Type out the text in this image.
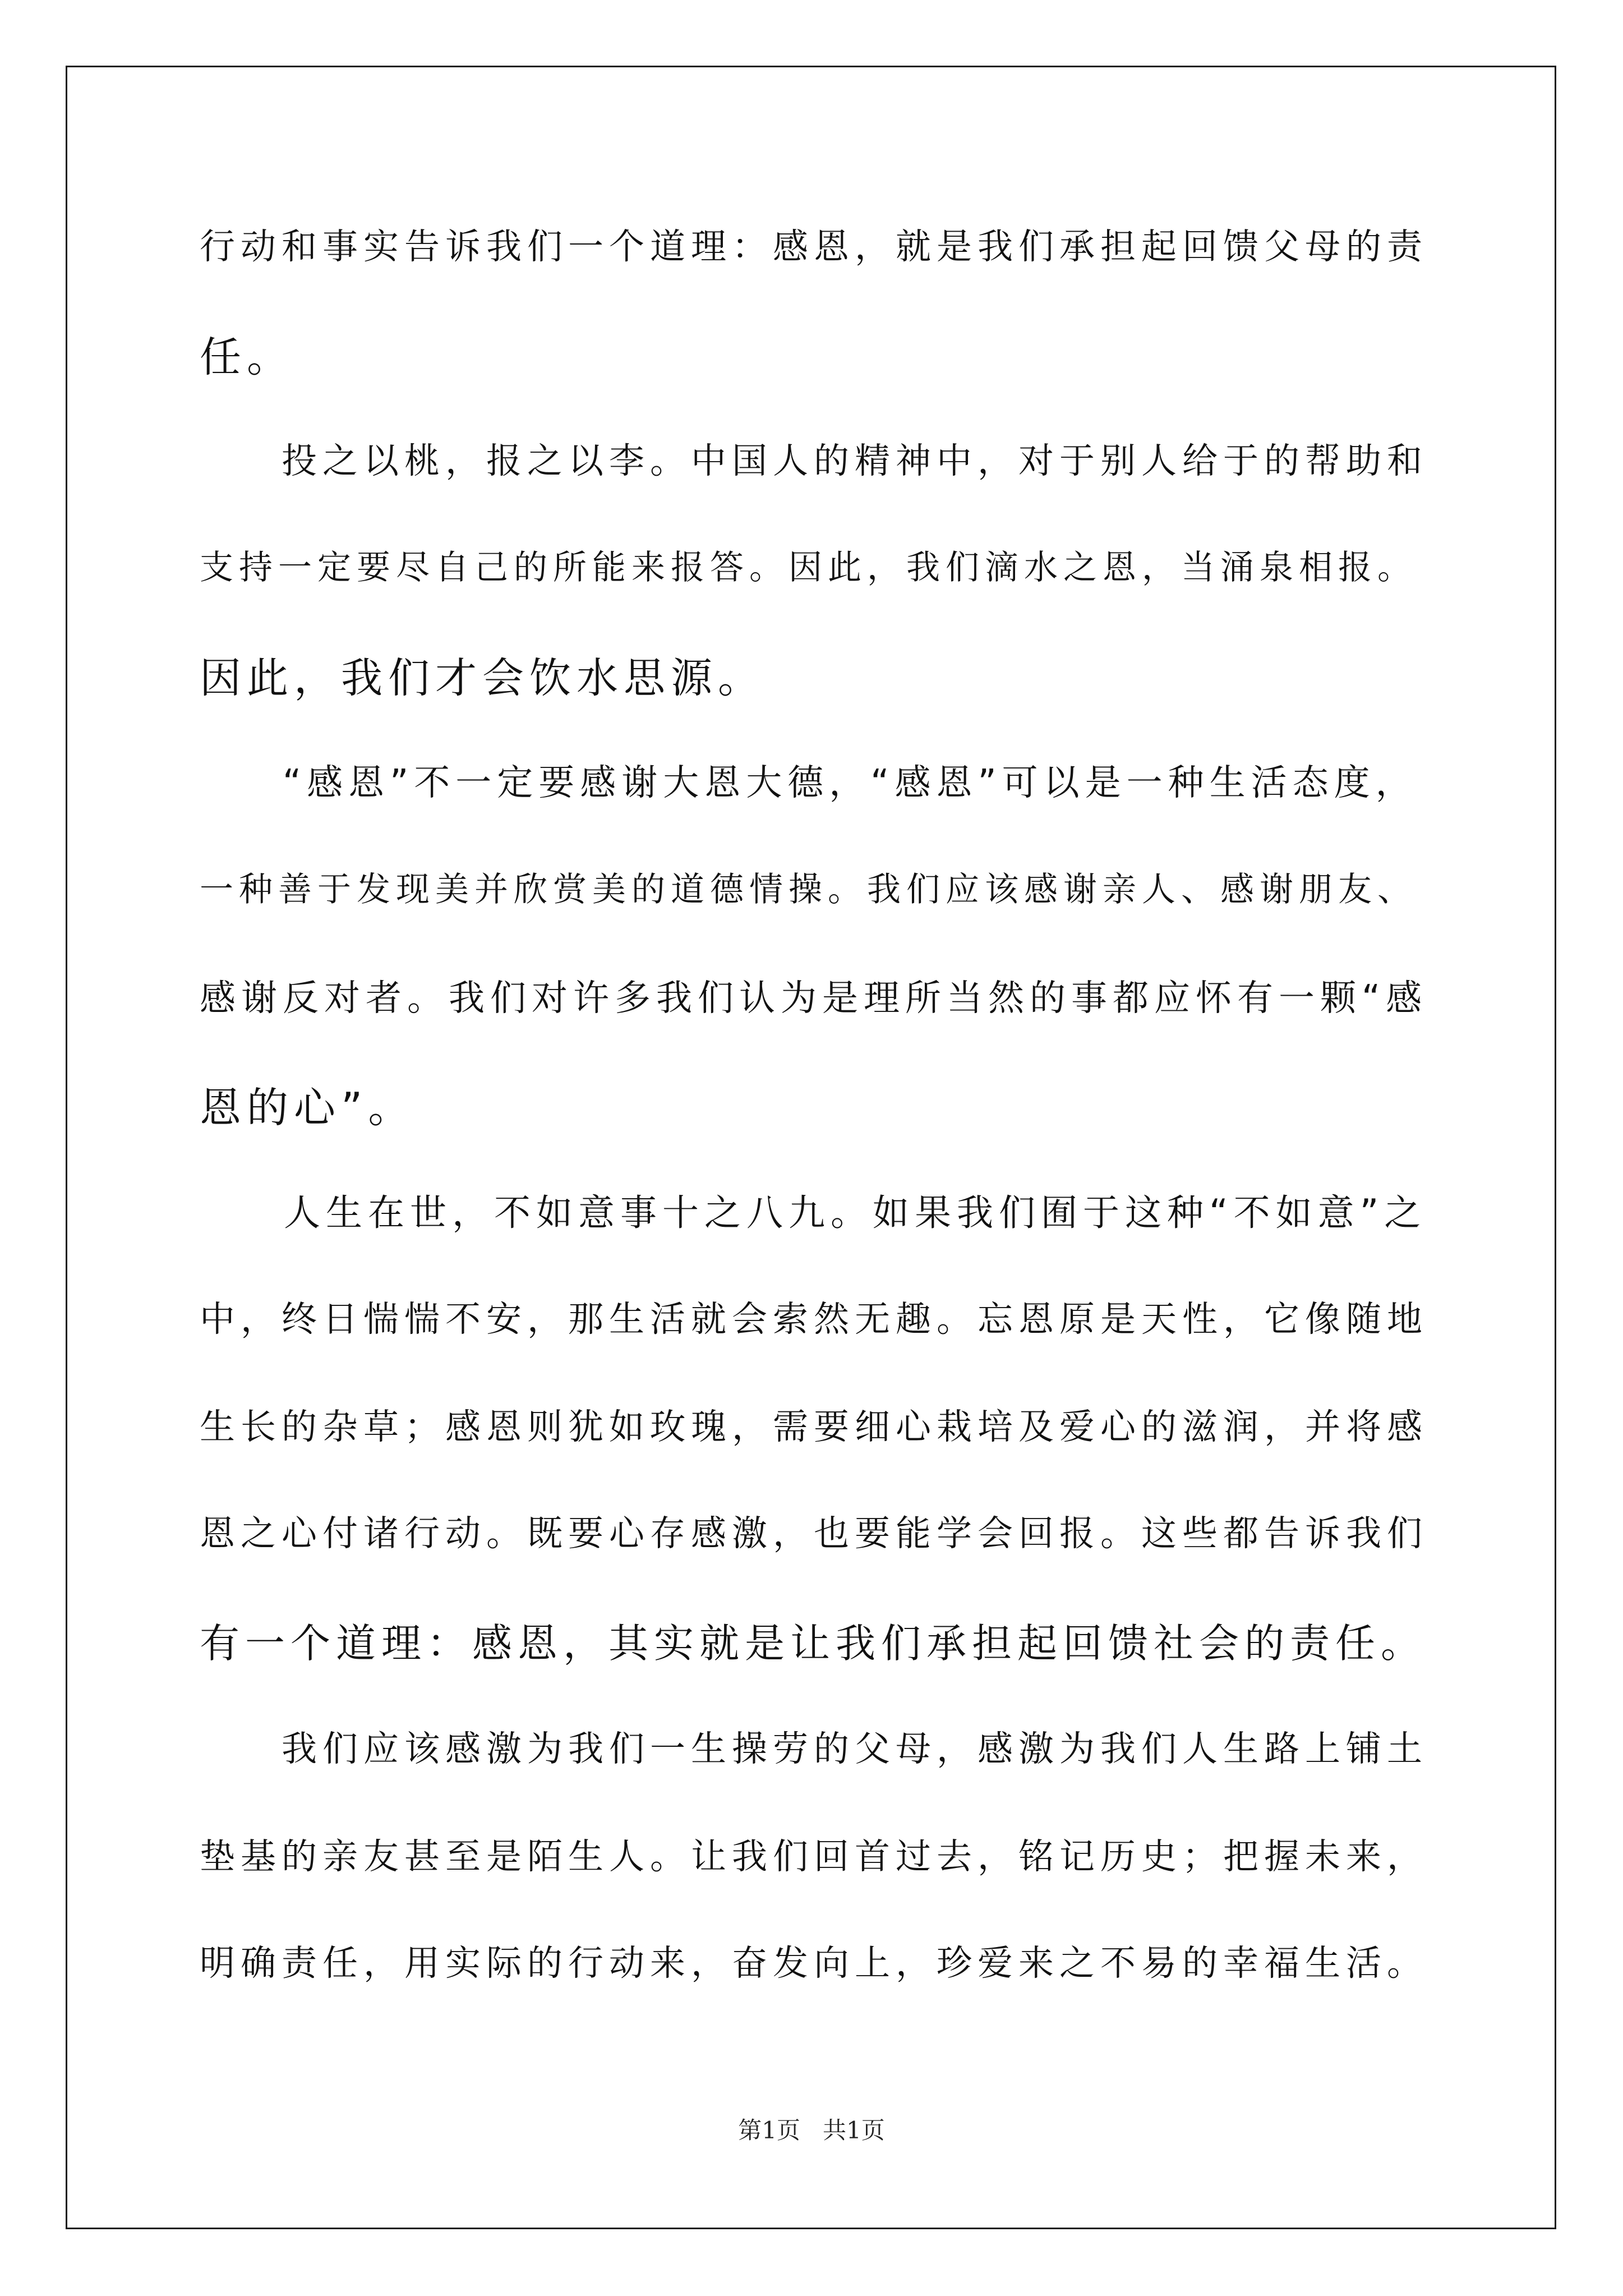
行动和事实告诉我们一个道理：感恩，就是我们承担起回馈父母的责
任。
　　投之以桃，报之以李。中国人的精神中，对于别人给于的帮助和
支持一定要尽自己的所能来报答。因此，我们滴水之恩，当涌泉相报。
因此，我们才会饮水思源。
　　“感恩”不一定要感谢大恩大德，“感恩”可以是一种生活态度，
一种善于发现美并欣赏美的道德情操。我们应该感谢亲人、感谢朋友、
感谢反对者。我们对许多我们认为是理所当然的事都应怀有一颗“感
恩的心”。
　　人生在世，不如意事十之八九。如果我们囿于这种“不如意”之
中，终日惴惴不安，那生活就会索然无趣。忘恩原是天性，它像随地
生长的杂草；感恩则犹如玫瑰，需要细心栽培及爱心的滋润，并将感
恩之心付诸行动。既要心存感激，也要能学会回报。这些都告诉我们
有一个道理：感恩，其实就是让我们承担起回馈社会的责任。
　　我们应该感激为我们一生操劳的父母，感激为我们人生路上铺土
垫基的亲友甚至是陌生人。让我们回首过去，铭记历史；把握未来，
明确责任，用实际的行动来，奋发向上，珍爱来之不易的幸福生活。
第1页 共1页
